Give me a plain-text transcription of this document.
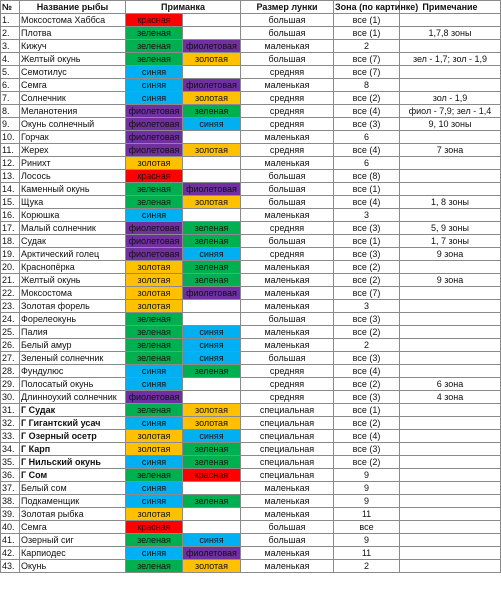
№	Название рыбы	Приманка		Размер лунки	Зона (по картинке)	Примечание
1.	Моксостома Хаббса	красная		большая	все (1)	
2.	Плотва	зеленая		большая	все (1)	1,7,8 зоны
3.	Кижуч	зеленая	фиолетовая	маленькая	2	
4.	Желтый окунь	зеленая	золотая	большая	все (7)	зел - 1,7; зол - 1,9
5.	Семотилус	синяя		средняя	все (7)	
6.	Семга	синяя	фиолетовая	маленькая	8	
7.	Солнечник	синяя	золотая	средняя	все (2)	зол - 1,9
8.	Меланотения	фиолетовая	зеленая	средняя	все (4)	фиол - 7,9; зел - 1,4
9.	Окунь солнечный	фиолетовая	синяя	средняя	все (3)	9, 10 зоны
10.	Горчак	фиолетовая		маленькая	6	
11.	Жерех	фиолетовая	золотая	средняя	все (4)	7 зона
12.	Ринихт	золотая		маленькая	6	
13.	Лосось	красная		большая	все (8)	
14.	Каменный окунь	зеленая	фиолетовая	большая	все (1)	
15.	Щука	зеленая	золотая	большая	все (4)	1, 8 зоны
16.	Корюшка	синяя		маленькая	3	
17.	Малый солнечник	фиолетовая	зеленая	средняя	все (3)	5, 9 зоны
18.	Судак	фиолетовая	зеленая	большая	все (1)	1, 7 зоны
19.	Арктический голец	фиолетовая	синяя	средняя	все (3)	9 зона
20.	Краснопёрка	золотая	зеленая	маленькая	все (2)	
21.	Желтый окунь	золотая	зеленая	маленькая	все (2)	9 зона
22.	Моксостома	золотая	фиолетовая	маленькая	все (7)	
23.	Золотая форель	золотая		маленькая	3	
24.	Форелеокунь	зеленая		большая	все (3)	
25.	Палия	зеленая	синяя	маленькая	все (2)	
26.	Белый амур	зеленая	синяя	маленькая	2	
27.	Зеленый солнечник	зеленая	синяя	большая	все (3)	
28.	Фундулюс	синяя	зеленая	средняя	все (4)	
29.	Полосатый окунь	синяя		средняя	все (2)	6 зона
30.	Длинноухий солнечник	фиолетовая		средняя	все (3)	4 зона
31.	Г Судак	зеленая	золотая	специальная	все (1)	
32.	Г Гигантский усач	синяя	золотая	специальная	все (2)	
33.	Г Озерный осетр	золотая	синяя	специальная	все (4)	
34.	Г Карп	золотая	зеленая	специальная	все (3)	
35.	Г Нильский окунь	синяя	зеленая	специальная	все (2)	
36.	Г Сом	зеленая	красная	специальная	9	
37.	Белый сом	синяя		маленькая	9	
38.	Подкаменщик	синяя	зеленая	маленькая	9	
39.	Золотая рыбка	золотая		маленькая	11	
40.	Семга	красная		большая	все	
41.	Озерный сиг	зеленая	синяя	большая	9	
42.	Карпиодес	синяя	фиолетовая	маленькая	11	
43.	Окунь	зеленая	золотая	маленькая	2	
